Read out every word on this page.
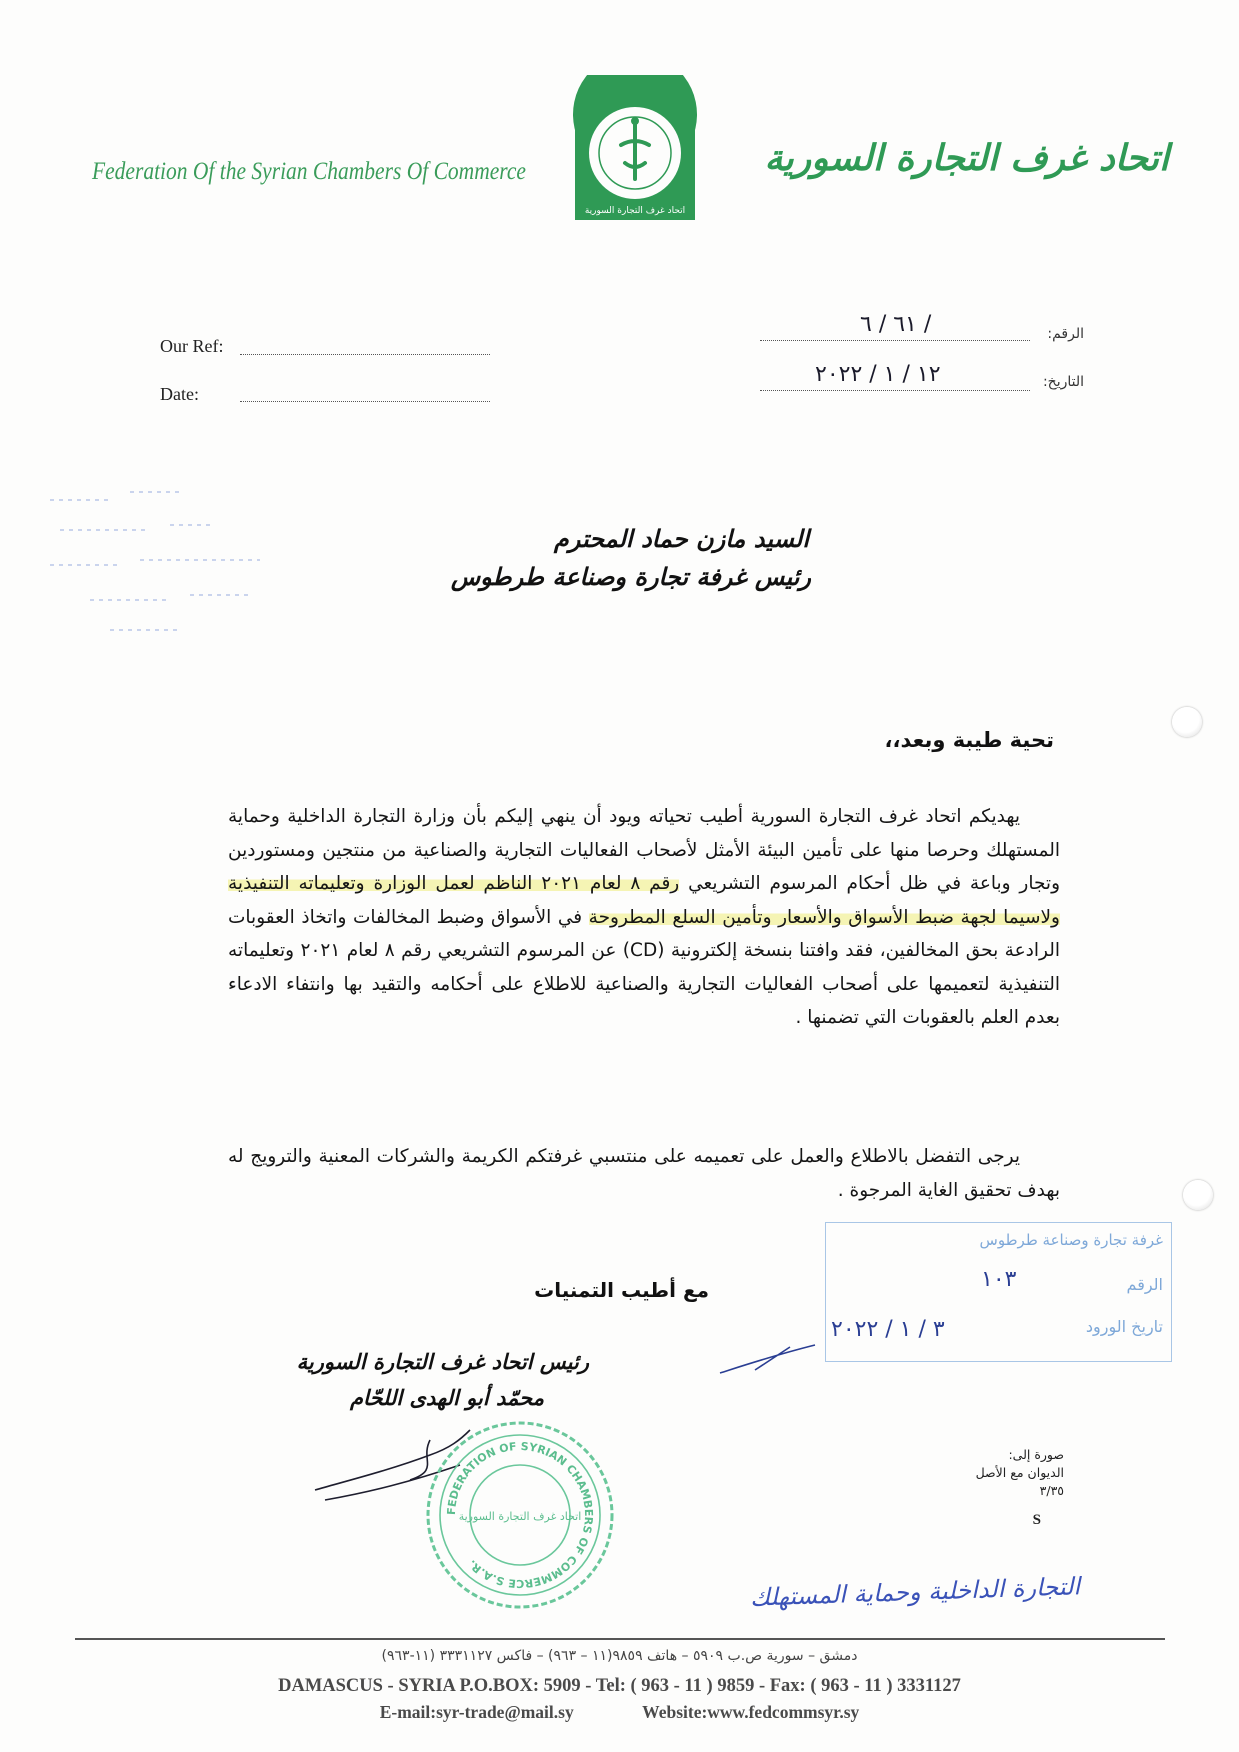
Federation Of the Syrian Chambers Of Commerce
اتحاد غرف التجارة السورية
اتحاد غرف التجارة السورية
Our Ref:
Date:
الرقم:
٦١ / ٦ /
التاريخ:
١٢ / ١ / ٢٠٢٢
السيد مازن حماد المحترم
رئيس غرفة تجارة وصناعة طرطوس
تحية طيبة وبعد،،
يهديكم اتحاد غرف التجارة السورية أطيب تحياته ويود أن ينهي إليكم بأن وزارة التجارة الداخلية وحماية المستهلك وحرصا منها على تأمين البيئة الأمثل لأصحاب الفعاليات التجارية والصناعية من منتجين ومستوردين وتجار وباعة في ظل أحكام المرسوم التشريعي رقم ٨ لعام ٢٠٢١ الناظم لعمل الوزارة وتعليماته التنفيذية ولاسيما لجهة ضبط الأسواق والأسعار وتأمين السلع المطروحة في الأسواق وضبط المخالفات واتخاذ العقوبات الرادعة بحق المخالفين، فقد وافتنا بنسخة إلكترونية (CD) عن المرسوم التشريعي رقم ٨ لعام ٢٠٢١ وتعليماته التنفيذية لتعميمها على أصحاب الفعاليات التجارية والصناعية للاطلاع على أحكامه والتقيد بها وانتفاء الادعاء بعدم العلم بالعقوبات التي تضمنها .
يرجى التفضل بالاطلاع والعمل على تعميمه على منتسبي غرفتكم الكريمة والشركات المعنية والترويج له بهدف تحقيق الغاية المرجوة .
مع أطيب التمنيات
رئيس اتحاد غرف التجارة السورية
محمّد أبو الهدى اللحّام
FEDERATION OF SYRIAN CHAMBERS OF COMMERCE S.A.R.
اتحاد غرف التجارة السورية
غرفة تجارة وصناعة طرطوس
الرقم
تاريخ الورود
١٠٣
٣ / ١ / ٢٠٢٢
صورة إلى:
الديوان مع الأصل
٣/٣٥
S
التجارة الداخلية وحماية المستهلك
دمشق – سورية ص.ب ٥٩٠٩ – هاتف ٩٨٥٩(١١ – ٩٦٣) – فاكس ٣٣٣١١٢٧ (١١-٩٦٣)
DAMASCUS - SYRIA P.O.BOX: 5909 - Tel: ( 963 - 11 ) 9859 - Fax: ( 963 - 11 ) 3331127
E-mail:syr-trade@mail.sy	Website:www.fedcommsyr.sy
